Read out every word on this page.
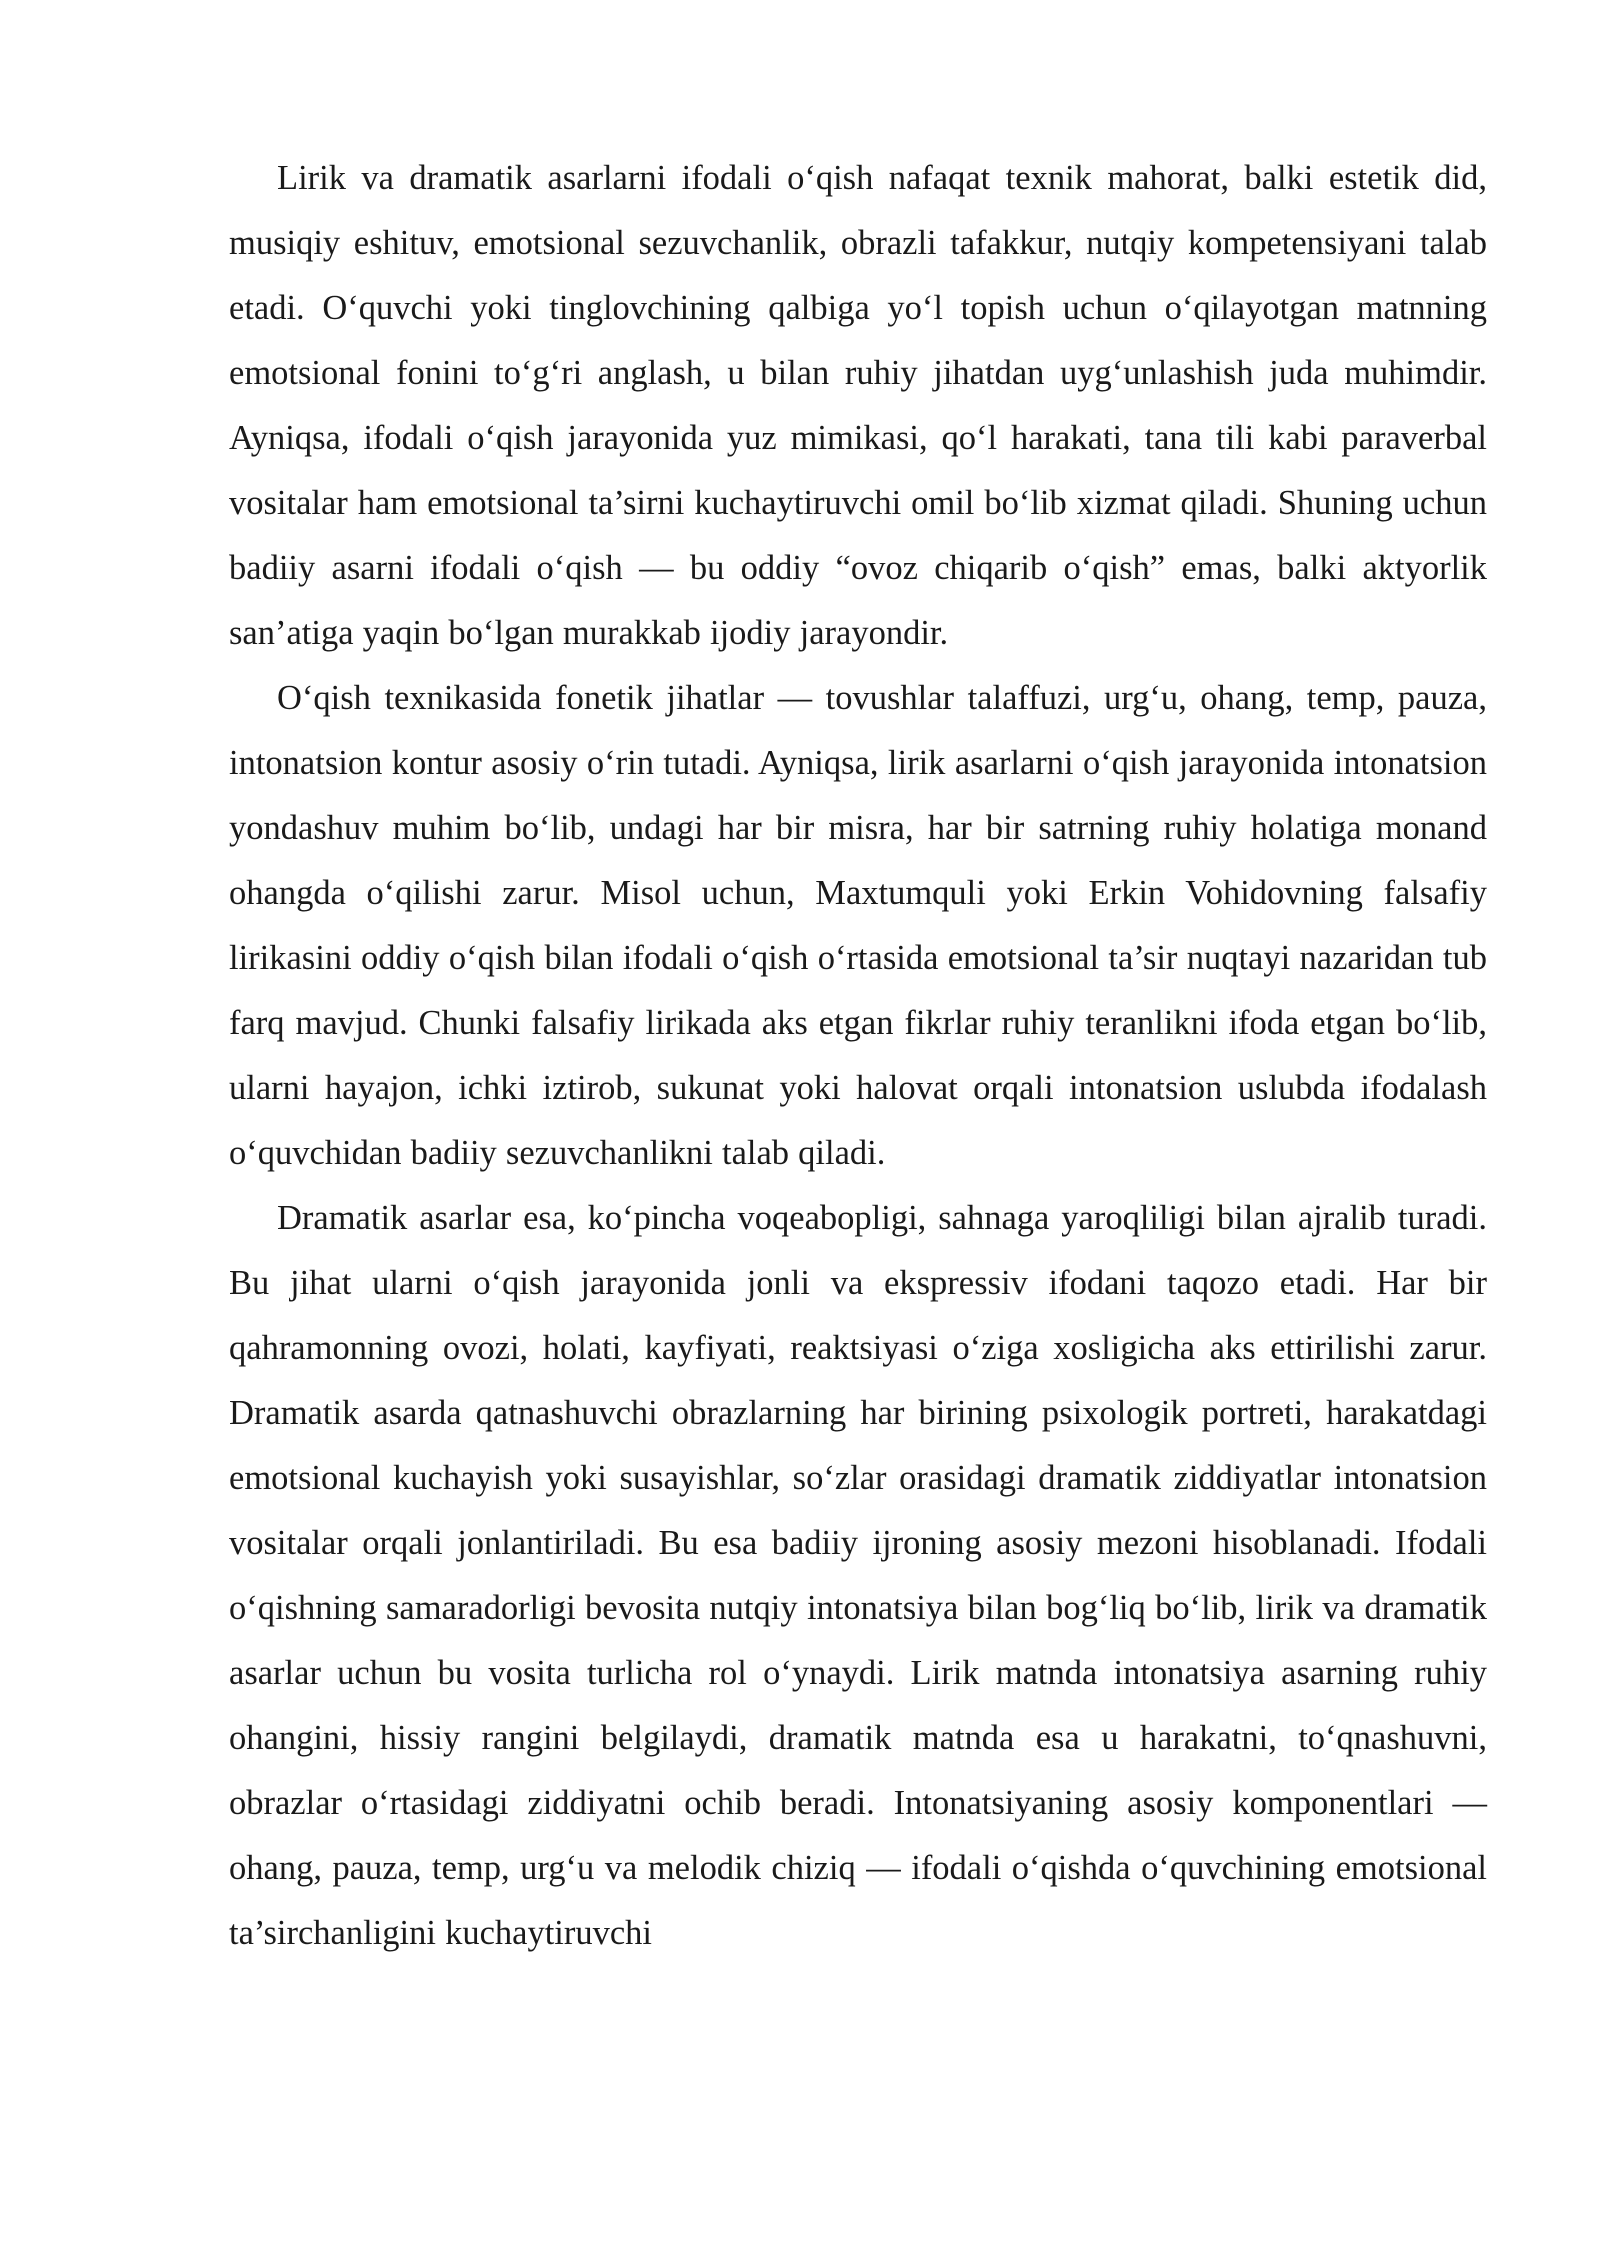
Lirik va dramatik asarlarni ifodali o‘qish nafaqat texnik mahorat, balki estetik did, musiqiy eshituv, emotsional sezuvchanlik, obrazli tafakkur, nutqiy kompetensiyani talab etadi. O‘quvchi yoki tinglovchining qalbiga yo‘l topish uchun o‘qilayotgan matnning emotsional fonini to‘g‘ri anglash, u bilan ruhiy jihatdan uyg‘unlashish juda muhimdir. Ayniqsa, ifodali o‘qish jarayonida yuz mimikasi, qo‘l harakati, tana tili kabi paraverbal vositalar ham emotsional ta’sirni kuchaytiruvchi omil bo‘lib xizmat qiladi. Shuning uchun badiiy asarni ifodali o‘qish — bu oddiy “ovoz chiqarib o‘qish” emas, balki aktyorlik san’atiga yaqin bo‘lgan murakkab ijodiy jarayondir.

O‘qish texnikasida fonetik jihatlar — tovushlar talaffuzi, urg‘u, ohang, temp, pauza, intonatsion kontur asosiy o‘rin tutadi. Ayniqsa, lirik asarlarni o‘qish jarayonida intonatsion yondashuv muhim bo‘lib, undagi har bir misra, har bir satrning ruhiy holatiga monand ohangda o‘qilishi zarur. Misol uchun, Maxtumquli yoki Erkin Vohidovning falsafiy lirikasini oddiy o‘qish bilan ifodali o‘qish o‘rtasida emotsional ta’sir nuqtayi nazaridan tub farq mavjud. Chunki falsafiy lirikada aks etgan fikrlar ruhiy teranlikni ifoda etgan bo‘lib, ularni hayajon, ichki iztirob, sukunat yoki halovat orqali intonatsion uslubda ifodalash o‘quvchidan badiiy sezuvchanlikni talab qiladi.

Dramatik asarlar esa, ko‘pincha voqeabopligi, sahnaga yaroqliligi bilan ajralib turadi. Bu jihat ularni o‘qish jarayonida jonli va ekspressiv ifodani taqozo etadi. Har bir qahramonning ovozi, holati, kayfiyati, reaktsiyasi o‘ziga xosligicha aks ettirilishi zarur. Dramatik asarda qatnashuvchi obrazlarning har birining psixologik portreti, harakatdagi emotsional kuchayish yoki susayishlar, so‘zlar orasidagi dramatik ziddiyatlar intonatsion vositalar orqali jonlantiriladi. Bu esa badiiy ijroning asosiy mezoni hisoblanadi. Ifodali o‘qishning samaradorligi bevosita nutqiy intonatsiya bilan bog‘liq bo‘lib, lirik va dramatik asarlar uchun bu vosita turlicha rol o‘ynaydi. Lirik matnda intonatsiya asarning ruhiy ohangini, hissiy rangini belgilaydi, dramatik matnda esa u harakatni, to‘qnashuvni, obrazlar o‘rtasidagi ziddiyatni ochib beradi. Intonatsiyaning asosiy komponentlari — ohang, pauza, temp, urg‘u va melodik chiziq — ifodali o‘qishda o‘quvchining emotsional ta’sirchanligini kuchaytiruvchi
